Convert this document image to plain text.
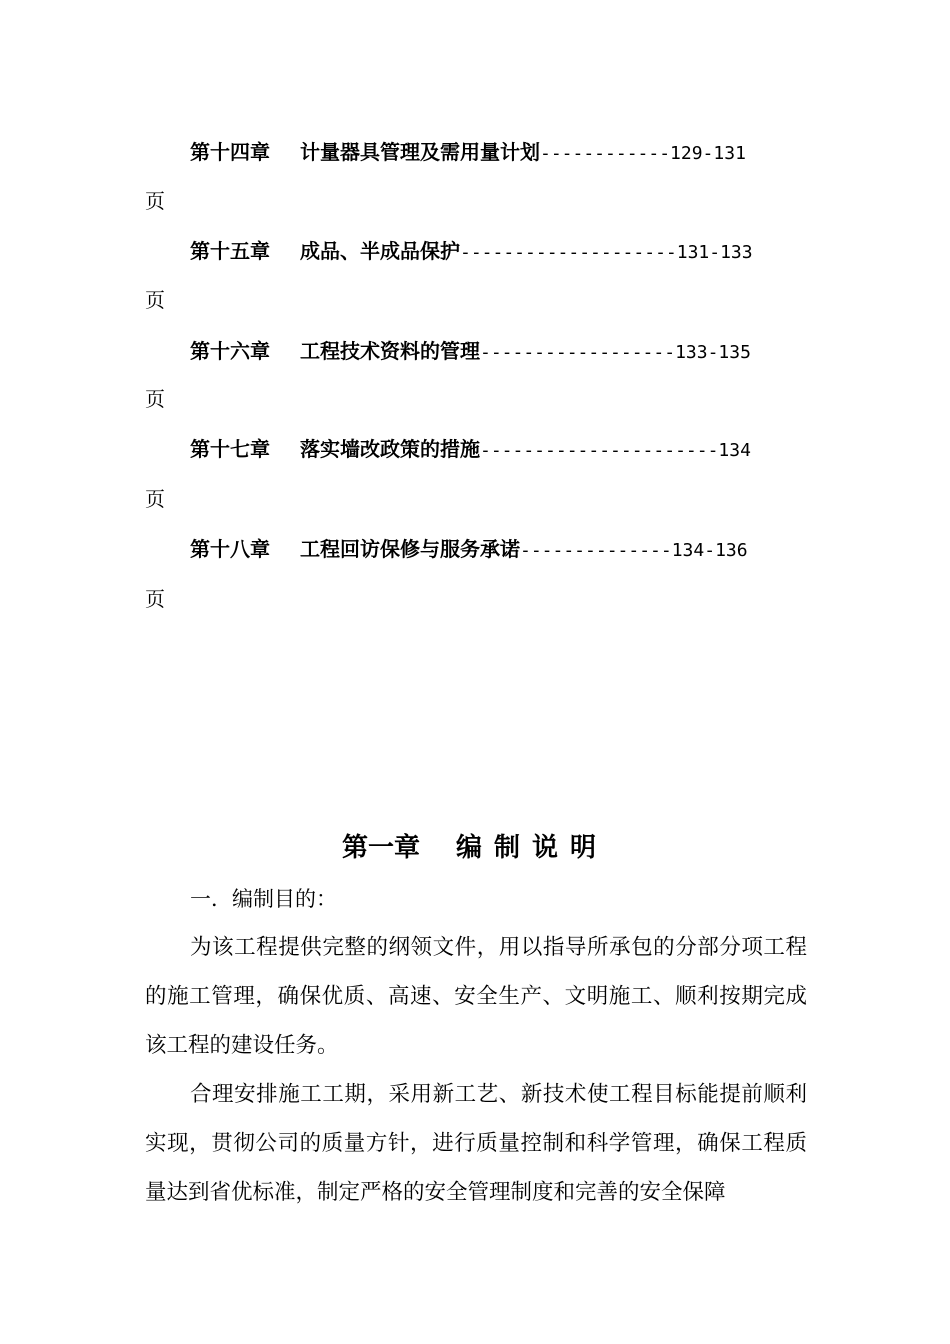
第十四章 计量器具管理及需用量计划------------129-131
页
第十五章 成品、半成品保护--------------------131-133
页
第十六章 工程技术资料的管理------------------133-135
页
第十七章 落实墙改政策的措施----------------------134
页
第十八章 工程回访保修与服务承诺--------------134-136
页
第一章 编制说明
一．编制目的：

为该工程提供完整的纲领文件，用以指导所承包的分部分项工程的施工管理，确保优质、高速、安全生产、文明施工、顺利按期完成该工程的建设任务。

合理安排施工工期，采用新工艺、新技术使工程目标能提前顺利实现，贯彻公司的质量方针，进行质量控制和科学管理，确保工程质量达到省优标准，制定严格的安全管理制度和完善的安全保障
